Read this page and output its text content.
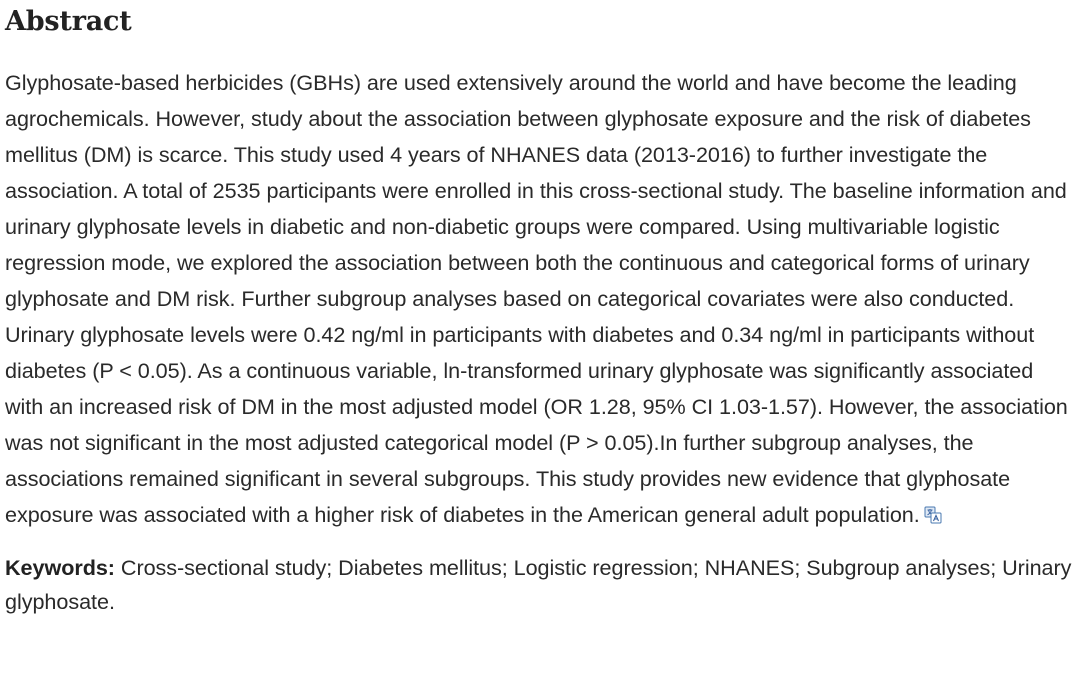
Abstract

Glyphosate-based herbicides (GBHs) are used extensively around the world and have become the leading agrochemicals. However, study about the association between glyphosate exposure and the risk of diabetes mellitus (DM) is scarce. This study used 4 years of NHANES data (2013-2016) to further investigate the association. A total of 2535 participants were enrolled in this cross-sectional study. The baseline information and urinary glyphosate levels in diabetic and non-diabetic groups were compared. Using multivariable logistic regression mode, we explored the association between both the continuous and categorical forms of urinary glyphosate and DM risk. Further subgroup analyses based on categorical covariates were also conducted. Urinary glyphosate levels were 0.42 ng/ml in participants with diabetes and 0.34 ng/ml in participants without diabetes (P < 0.05). As a continuous variable, ln-transformed urinary glyphosate was significantly associated with an increased risk of DM in the most adjusted model (OR 1.28, 95% CI 1.03-1.57). However, the association was not significant in the most adjusted categorical model (P > 0.05).In further subgroup analyses, the associations remained significant in several subgroups. This study provides new evidence that glyphosate exposure was associated with a higher risk of diabetes in the American general adult population.

Keywords: Cross-sectional study; Diabetes mellitus; Logistic regression; NHANES; Subgroup analyses; Urinary glyphosate.
